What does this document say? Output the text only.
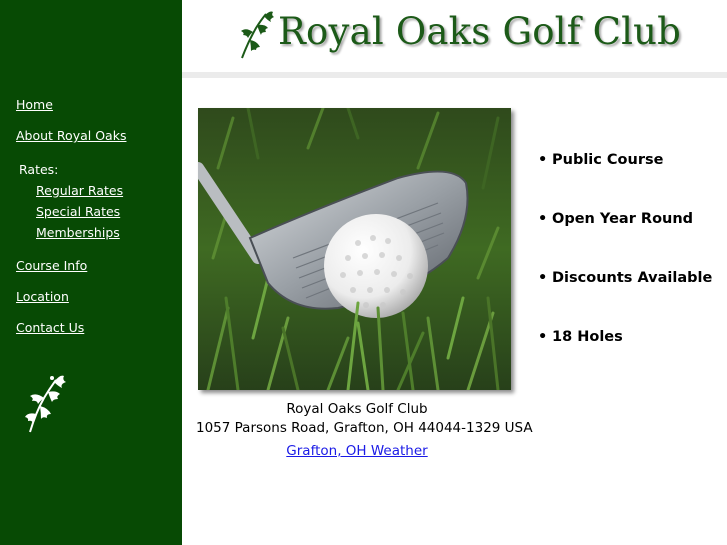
Home
About Royal Oaks
Rates:
Regular Rates
Special Rates
Memberships
Course Info
Location
Contact Us
Royal Oaks Golf Club
Royal Oaks Golf Club
1057 Parsons Road, Grafton, OH 44044-1329 USA
Grafton, OH Weather
• Public Course
• Open Year Round
• Discounts Available
• 18 Holes
